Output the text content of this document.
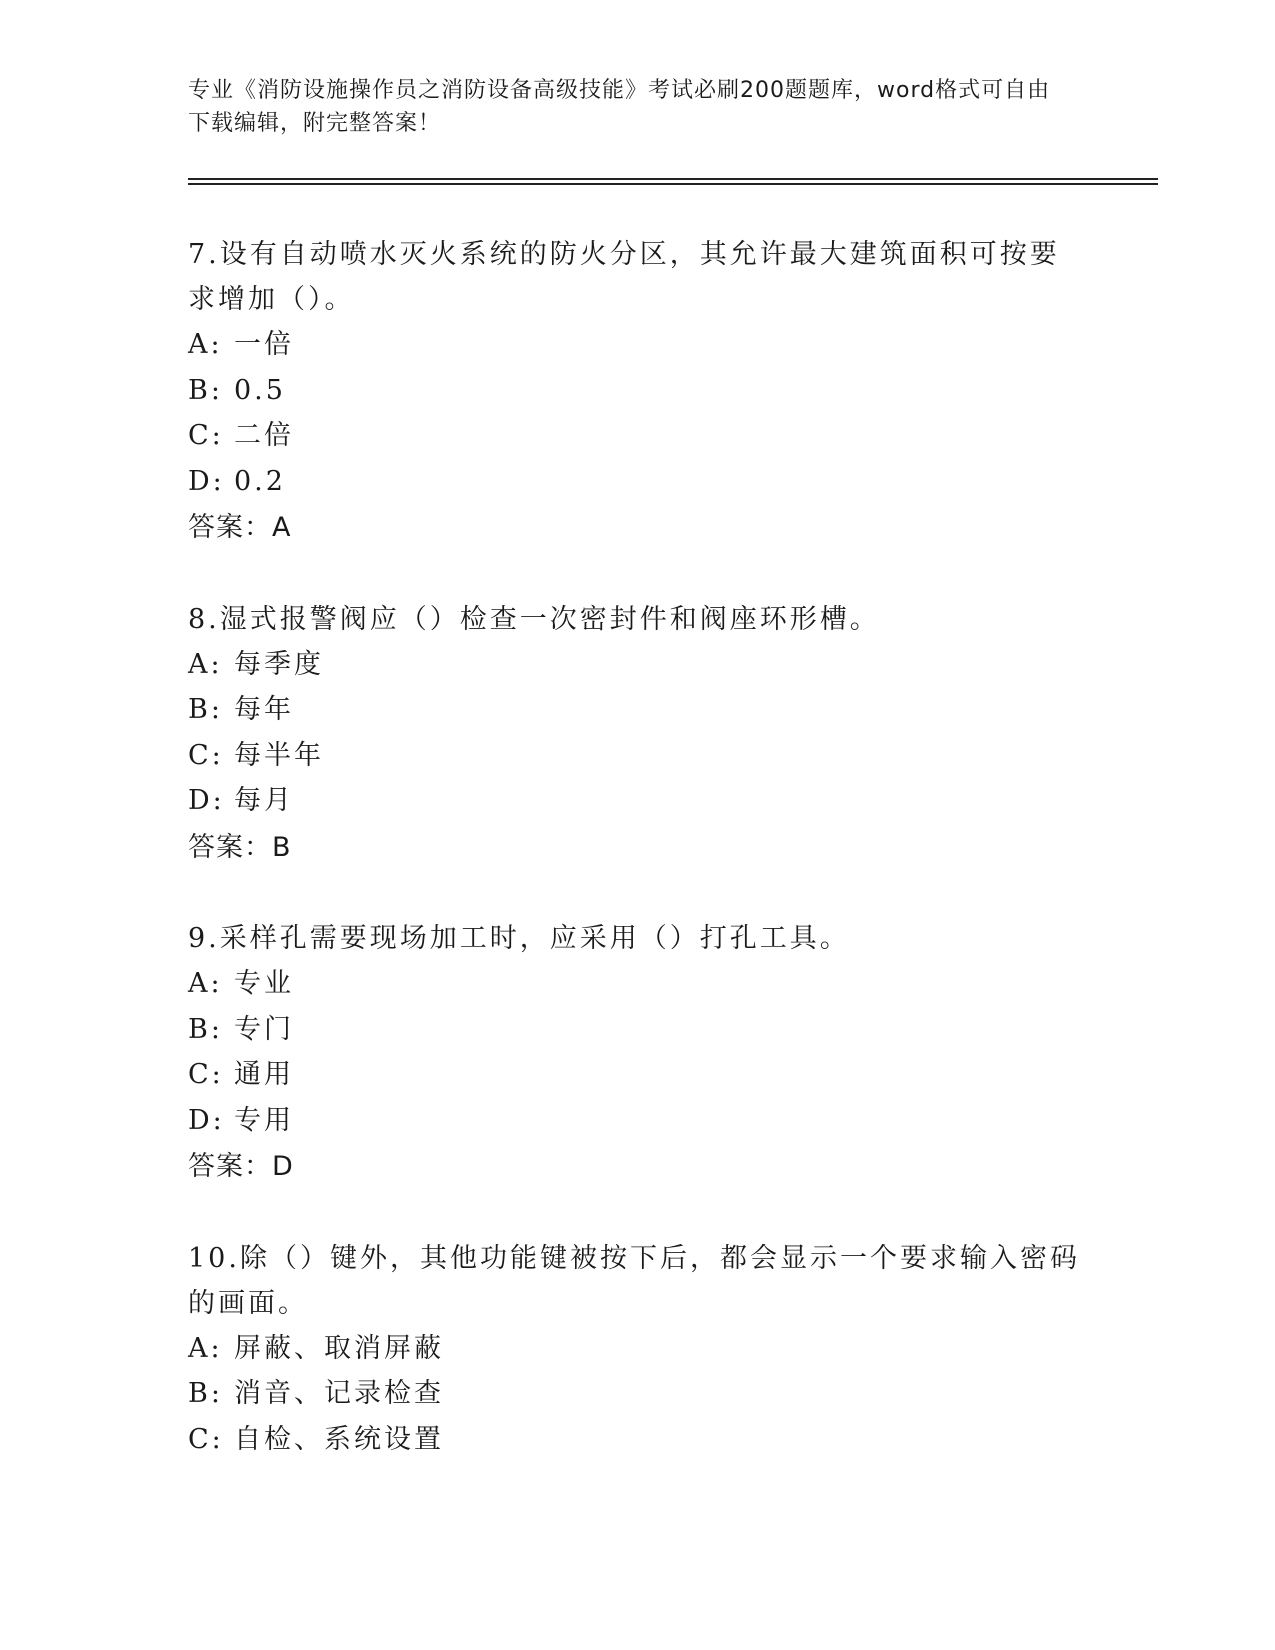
专业《消防设施操作员之消防设备高级技能》考试必刷200题题库，word格式可自由下载编辑，附完整答案！
7.设有自动喷水灭火系统的防火分区，其允许最大建筑面积可按要求增加（）。
A: 一倍
B: 0.5
C: 二倍
D: 0.2
答案：A
8.湿式报警阀应（）检查一次密封件和阀座环形槽。
A: 每季度
B: 每年
C: 每半年
D: 每月
答案：B
9.采样孔需要现场加工时，应采用（）打孔工具。
A: 专业
B: 专门
C: 通用
D: 专用
答案：D
10.除（）键外，其他功能键被按下后，都会显示一个要求输入密码的画面。
A: 屏蔽、取消屏蔽
B: 消音、记录检查
C: 自检、系统设置
